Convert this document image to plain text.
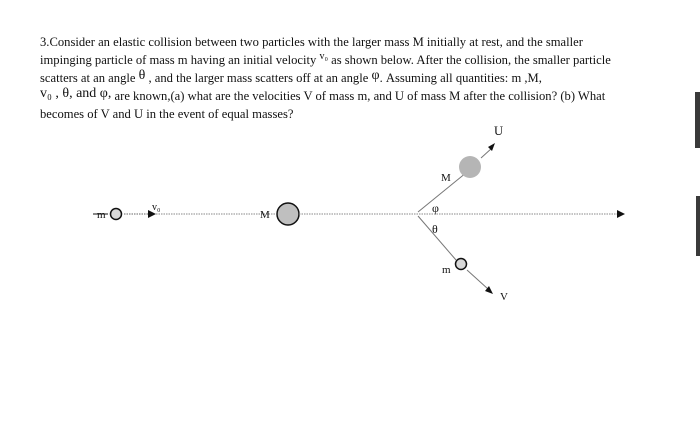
3.Consider an elastic collision between two particles with the larger mass M initially at rest, and the smaller
impinging particle of mass m having an initial velocity $^{v_0}$ as shown below. After the collision, the smaller particle
scatters at an angle θ , and the larger mass scatters off at an angle φ. Assuming all quantities: m ,M,
v₀ , θ, and φ, are known,(a) what are the velocities V of mass m, and U of mass M after the collision? (b) What
becomes of V and U in the event of equal masses?
U
m
v₀
M
M
φ
θ
m
V
